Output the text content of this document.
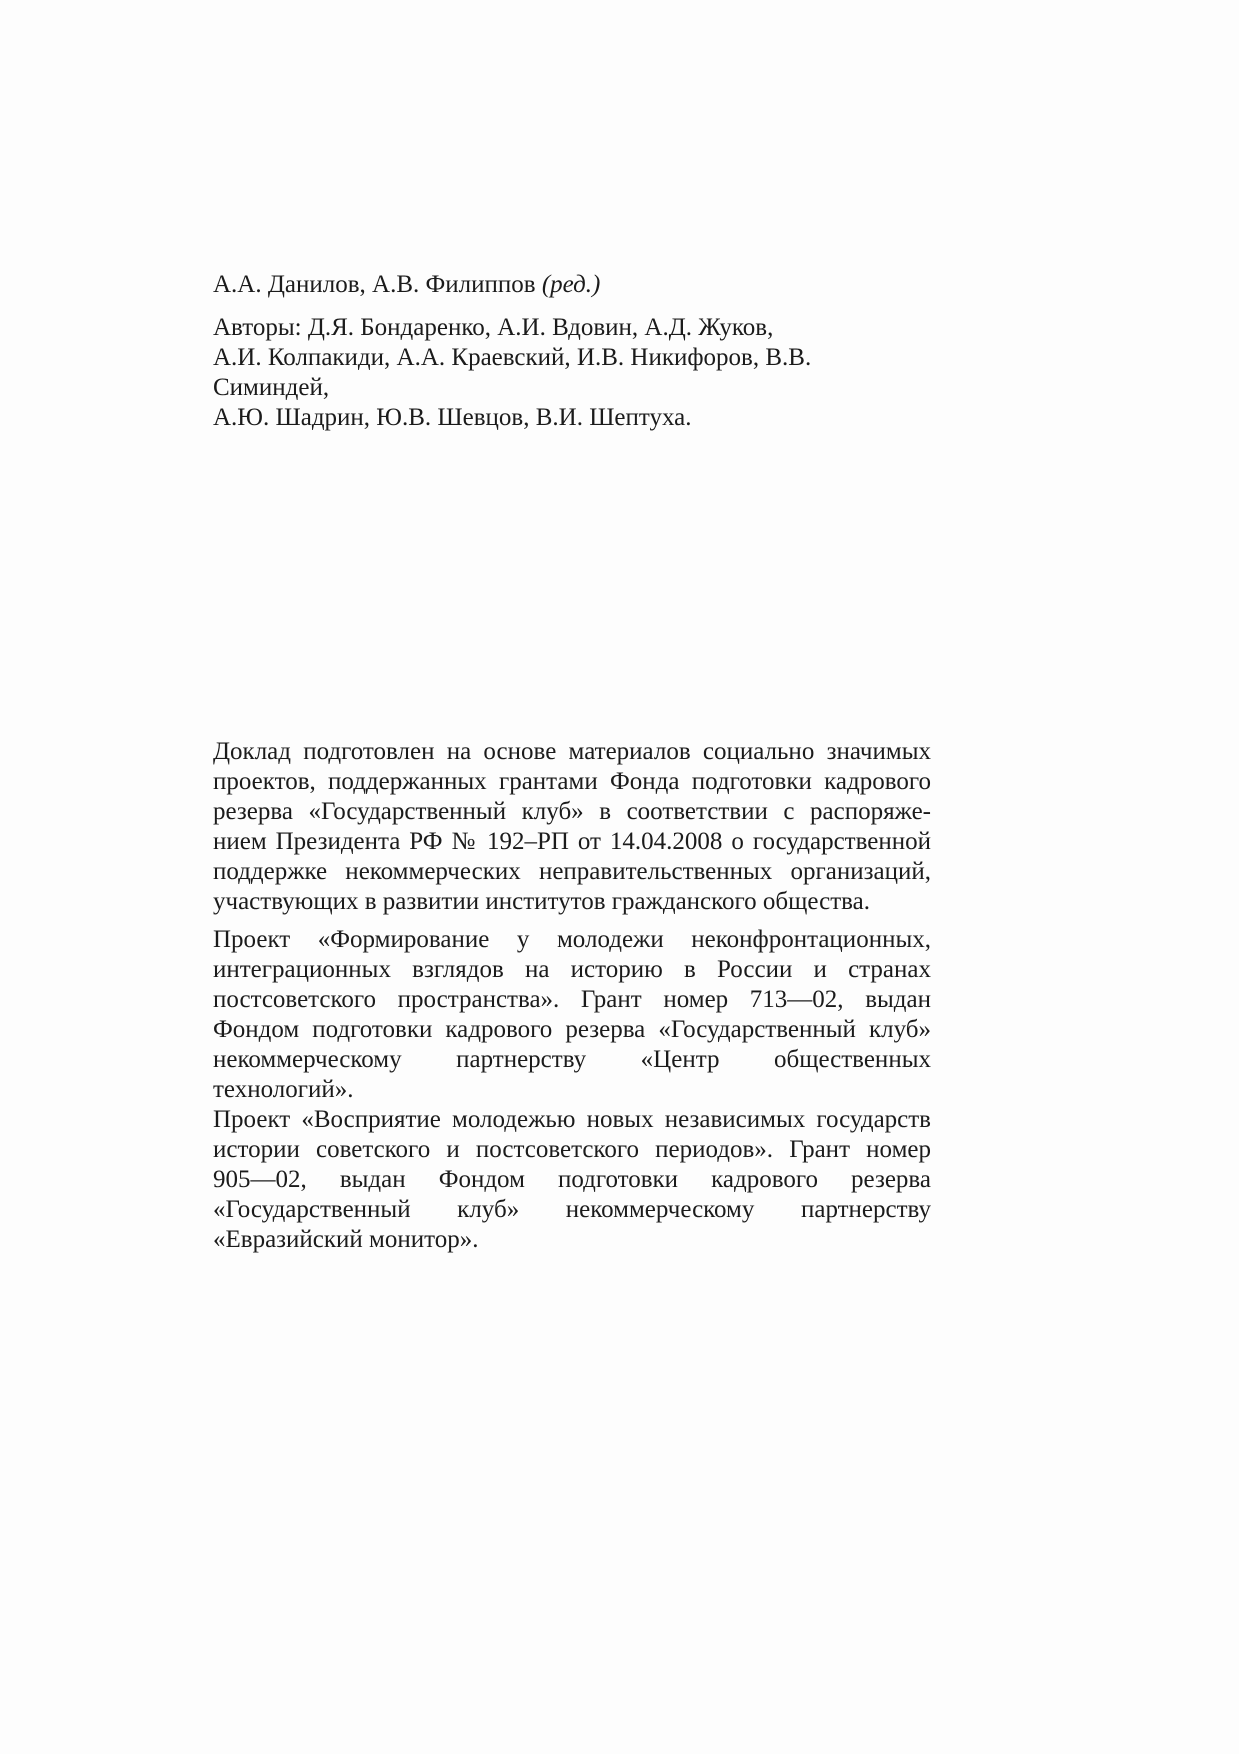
А.А. Данилов, А.В. Филиппов (ред.)

Авторы: Д.Я. Бондаренко, А.И. Вдовин, А.Д. Жуков,
А.И. Колпакиди, А.А. Краевский, И.В. Никифоров, В.В. Симиндей,
А.Ю. Шадрин, Ю.В. Шевцов, В.И. Шептуха.
Доклад подготовлен на основе материалов социально значимых
проектов, поддержанных грантами Фонда подготовки кадрового
резерва «Государственный клуб» в соответствии с распоряже-
нием Президента РФ № 192–РП от 14.04.2008 о государственной
поддержке некоммерческих неправительственных организаций,
участвующих в развитии институтов гражданского общества.
Проект «Формирование у молодежи неконфронтационных,
интеграционных взглядов на историю в России и странах
постсоветского пространства». Грант номер 713—02, выдан
Фондом подготовки кадрового резерва «Государственный клуб»
некоммерческому партнерству «Центр общественных
технологий».
Проект «Восприятие молодежью новых независимых государств
истории советского и постсоветского периодов». Грант номер
905—02, выдан Фондом подготовки кадрового резерва
«Государственный клуб» некоммерческому партнерству
«Евразийский монитор».
